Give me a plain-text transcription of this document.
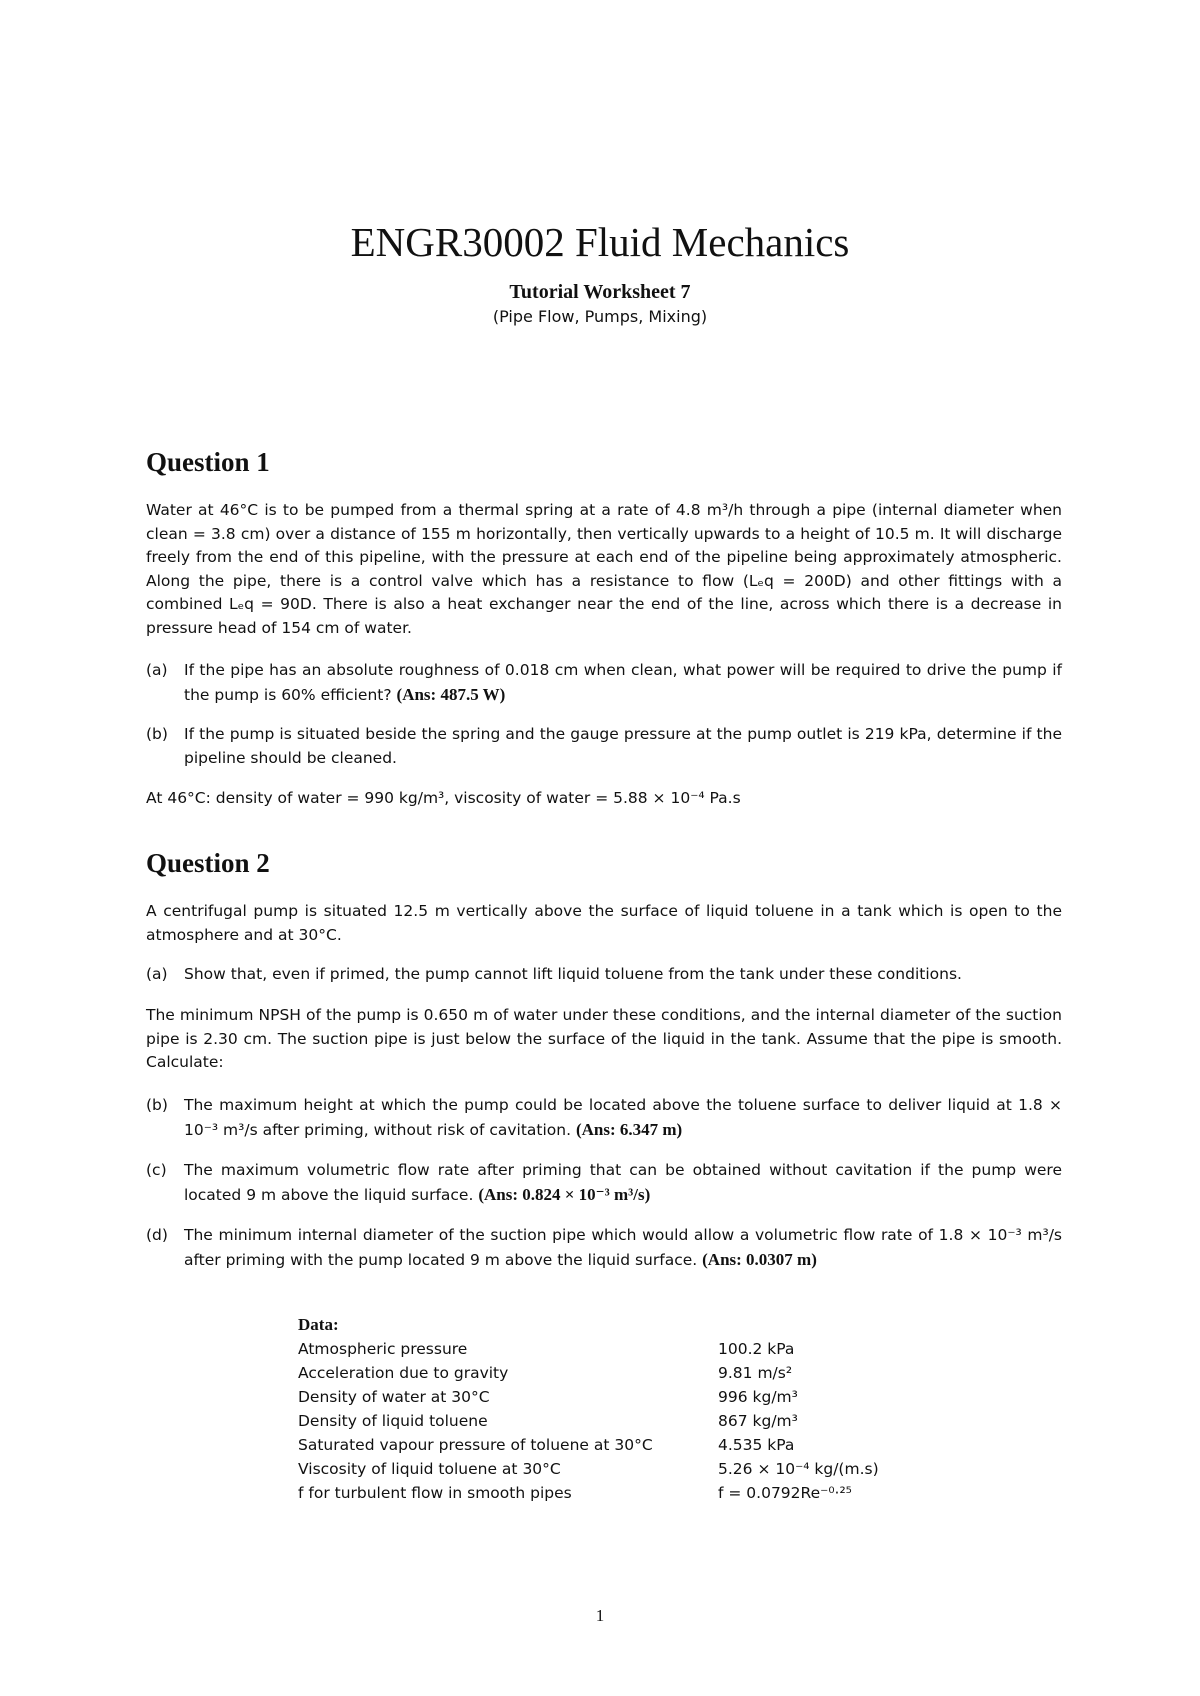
ENGR30002 Fluid Mechanics
Tutorial Worksheet 7
(Pipe Flow, Pumps, Mixing)
Question 1
Water at 46°C is to be pumped from a thermal spring at a rate of 4.8 m³/h through a pipe (internal diameter when clean = 3.8 cm) over a distance of 155 m horizontally, then vertically upwards to a height of 10.5 m. It will discharge freely from the end of this pipeline, with the pressure at each end of the pipeline being approximately atmospheric. Along the pipe, there is a control valve which has a resistance to flow (Lₑq = 200D) and other fittings with a combined Lₑq = 90D. There is also a heat exchanger near the end of the line, across which there is a decrease in pressure head of 154 cm of water.
(a)	If the pipe has an absolute roughness of 0.018 cm when clean, what power will be required to drive the pump if the pump is 60% efficient? (Ans: 487.5 W)
(b)	If the pump is situated beside the spring and the gauge pressure at the pump outlet is 219 kPa, determine if the pipeline should be cleaned.
At 46°C: density of water = 990 kg/m³, viscosity of water = 5.88 × 10⁻⁴ Pa.s
Question 2
A centrifugal pump is situated 12.5 m vertically above the surface of liquid toluene in a tank which is open to the atmosphere and at 30°C.
(a)	Show that, even if primed, the pump cannot lift liquid toluene from the tank under these conditions.
The minimum NPSH of the pump is 0.650 m of water under these conditions, and the internal diameter of the suction pipe is 2.30 cm. The suction pipe is just below the surface of the liquid in the tank. Assume that the pipe is smooth. Calculate:
(b)	The maximum height at which the pump could be located above the toluene surface to deliver liquid at 1.8 × 10⁻³ m³/s after priming, without risk of cavitation. (Ans: 6.347 m)
(c)	The maximum volumetric flow rate after priming that can be obtained without cavitation if the pump were located 9 m above the liquid surface. (Ans: 0.824 × 10⁻³ m³/s)
(d)	The minimum internal diameter of the suction pipe which would allow a volumetric flow rate of 1.8 × 10⁻³ m³/s after priming with the pump located 9 m above the liquid surface. (Ans: 0.0307 m)
Data:	
Atmospheric pressure	100.2 kPa
Acceleration due to gravity	9.81 m/s²
Density of water at 30°C	996 kg/m³
Density of liquid toluene	867 kg/m³
Saturated vapour pressure of toluene at 30°C	4.535 kPa
Viscosity of liquid toluene at 30°C	5.26 × 10⁻⁴ kg/(m.s)
f for turbulent flow in smooth pipes	f = 0.0792Re⁻⁰·²⁵
1
